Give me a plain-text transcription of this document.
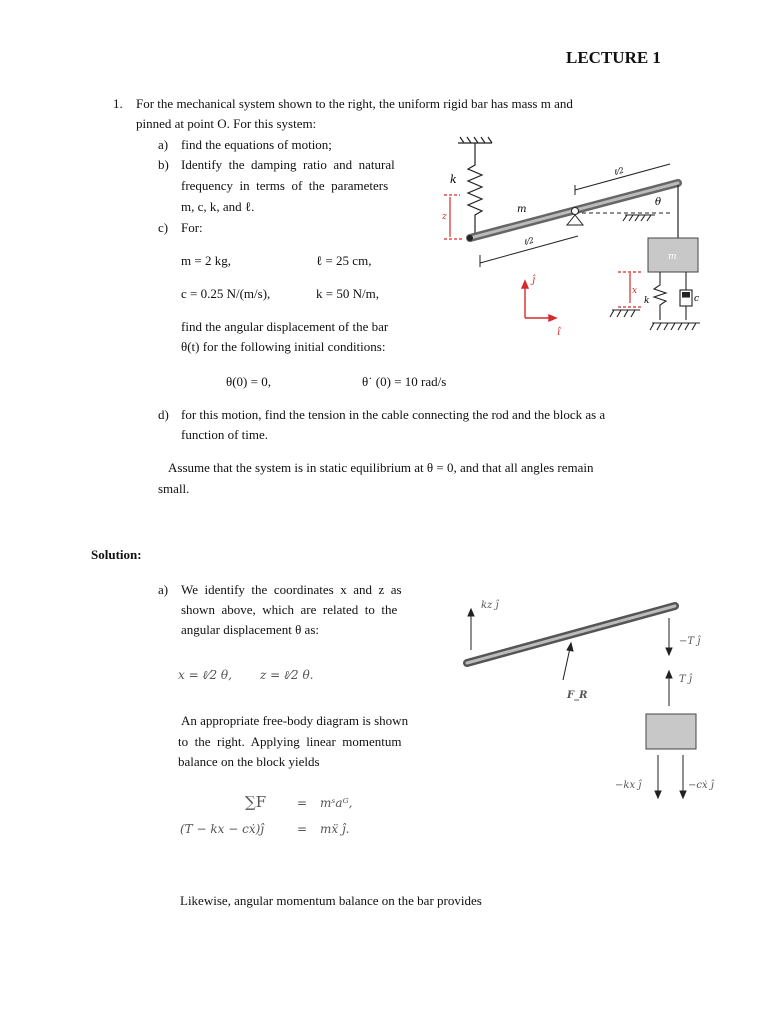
LECTURE 1
1. For the mechanical system shown to the right, the uniform rigid bar has mass m and
pinned at point O. For this system:
a) find the equations of motion;
b) Identify  the  damping  ratio  and  natural
frequency  in  terms  of  the  parameters
m, c, k, and ℓ.
c) For:
m = 2 kg,	ℓ = 25 cm,
c = 0.25 N/(m/s),	k = 50 N/m,
find the angular displacement of the bar
θ(t) for the following initial conditions:
θ(0) = 0,	θ˙ (0) = 10 rad/s
d) for this motion, find the tension in the cable connecting the rod and the block as a
function of time.
Assume that the system is in static equilibrium at θ = 0, and that all angles remain
small.
k
m
θ
ℓ⁄2
ℓ⁄2
z
m
x
k	c
ĵ
î
Solution:
a) We  identify  the  coordinates  x  and  z  as
shown  above,  which  are  related  to  the
angular displacement θ as:
x = ℓ⁄2 θ, z = ℓ⁄2 θ.
An appropriate free-body diagram is shown
to  the  right.  Applying  linear  momentum
balance on the block yields
∑F	= mˢaᴳ,
(T − kx − cẋ)ĵ	= mẍ ĵ.
Likewise, angular momentum balance on the bar provides
kz ĵ
F_R
−T ĵ
T ĵ
−kx ĵ	−cẋ ĵ
